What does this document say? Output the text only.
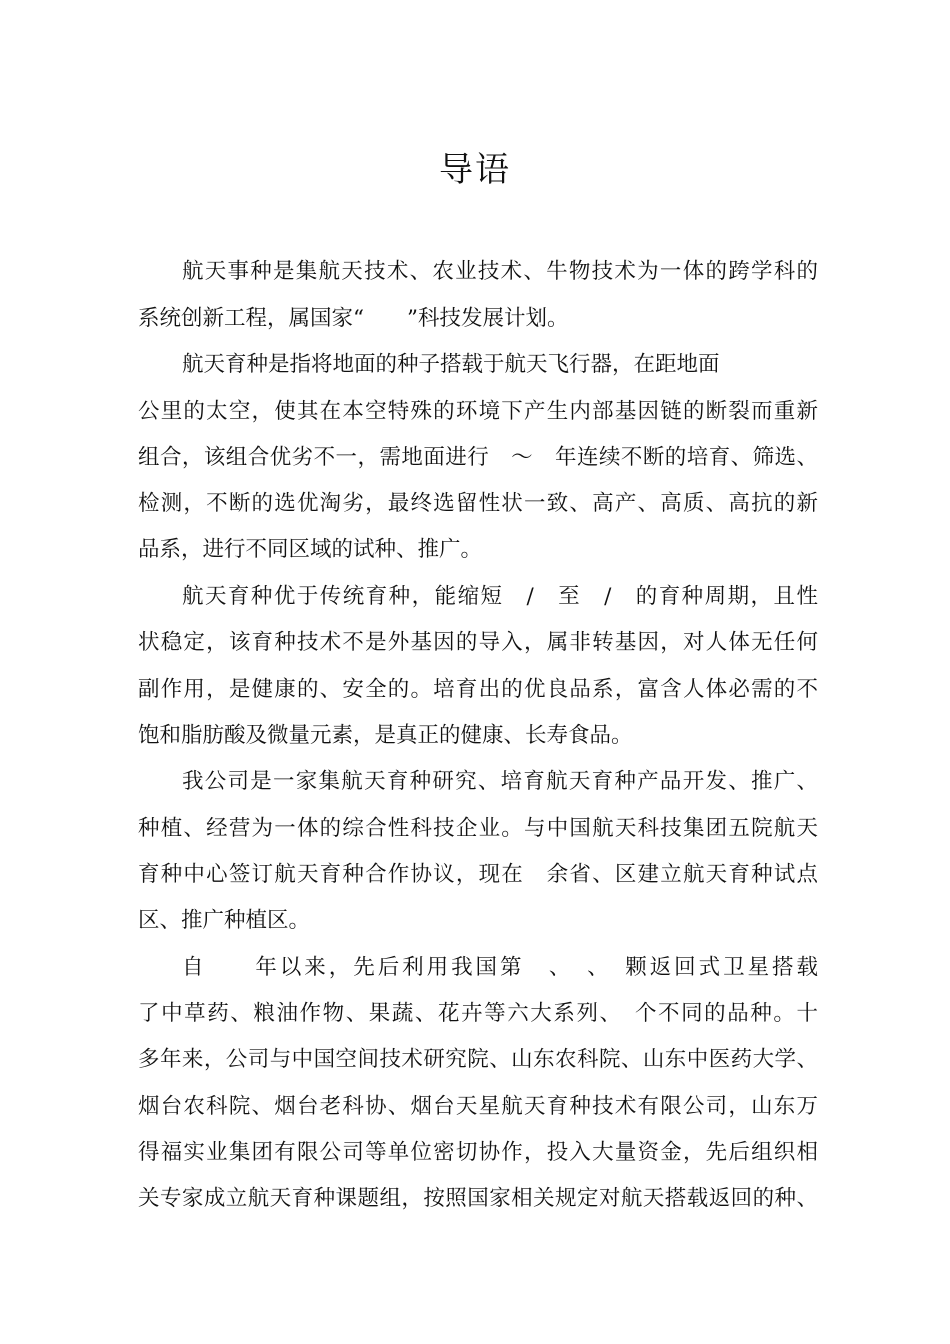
导语
航天事种是集航天技术、农业技术、牛物技术为一体的跨学科的
系统创新工程，属国家“　　”科技发展计划。
航天育种是指将地面的种子搭载于航天飞行器，在距地面
公里的太空，使其在本空特殊的环境下产生内部基因链的断裂而重新
组合，该组合优劣不一，需地面进行　～　年连续不断的培育、筛选、
检测，不断的选优淘劣，最终选留性状一致、高产、高质、高抗的新
品系，进行不同区域的试种、推广。
航天育种优于传统育种，能缩短　/　至　/　的育种周期，且性
状稳定，该育种技术不是外基因的导入，属非转基因，对人体无任何
副作用，是健康的、安全的。培育出的优良品系，富含人体必需的不
饱和脂肪酸及微量元素，是真正的健康、长寿食品。
我公司是一家集航天育种研究、培育航天育种产品开发、推广、
种植、经营为一体的综合性科技企业。与中国航天科技集团五院航天
育种中心签订航天育种合作协议，现在　余省、区建立航天育种试点
区、推广种植区。
自　　年以来，先后利用我国第　、　、　颗返回式卫星搭载
了中草药、粮油作物、果蔬、花卉等六大系列、　个不同的品种。十
多年来，公司与中国空间技术研究院、山东农科院、山东中医药大学、
烟台农科院、烟台老科协、烟台天星航天育种技术有限公司，山东万
得福实业集团有限公司等单位密切协作，投入大量资金，先后组织相
关专家成立航天育种课题组，按照国家相关规定对航天搭载返回的种、
